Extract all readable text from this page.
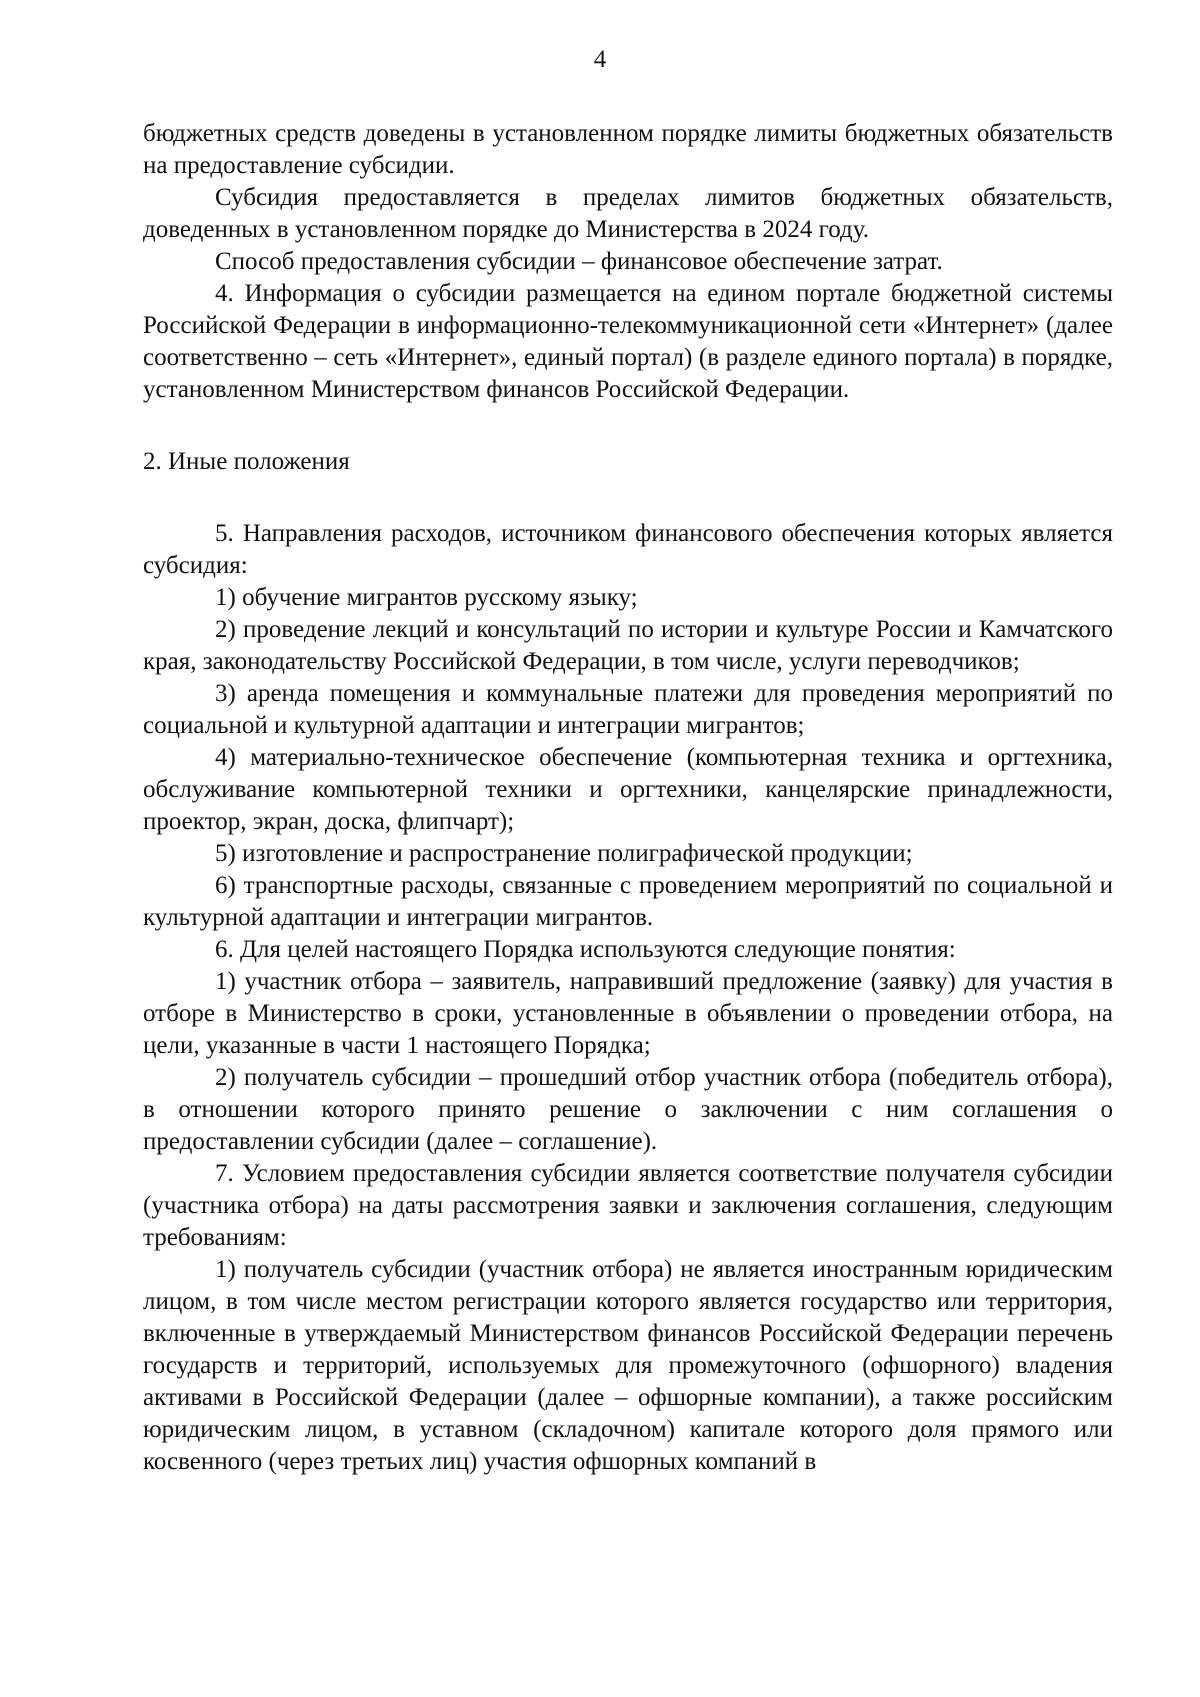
4
бюджетных средств доведены в установленном порядке лимиты бюджетных обязательств на предоставление субсидии.
Субсидия предоставляется в пределах лимитов бюджетных обязательств, доведенных в установленном порядке до Министерства в 2024 году.
Способ предоставления субсидии – финансовое обеспечение затрат.
4. Информация о субсидии размещается на едином портале бюджетной системы Российской Федерации в информационно-телекоммуникационной сети «Интернет» (далее соответственно – сеть «Интернет», единый портал) (в разделе единого портала) в порядке, установленном Министерством финансов Российской Федерации.
2. Иные положения
5. Направления расходов, источником финансового обеспечения которых является субсидия:
1) обучение мигрантов русскому языку;
2) проведение лекций и консультаций по истории и культуре России и Камчатского края, законодательству Российской Федерации, в том числе, услуги переводчиков;
3) аренда помещения и коммунальные платежи для проведения мероприятий по социальной и культурной адаптации и интеграции мигрантов;
4) материально-техническое обеспечение (компьютерная техника и оргтехника, обслуживание компьютерной техники и оргтехники, канцелярские принадлежности, проектор, экран, доска, флипчарт);
5) изготовление и распространение полиграфической продукции;
6) транспортные расходы, связанные с проведением мероприятий по социальной и культурной адаптации и интеграции мигрантов.
6. Для целей настоящего Порядка используются следующие понятия:
1) участник отбора – заявитель, направивший предложение (заявку) для участия в отборе в Министерство в сроки, установленные в объявлении о проведении отбора, на цели, указанные в части 1 настоящего Порядка;
2) получатель субсидии – прошедший отбор участник отбора (победитель отбора), в отношении которого принято решение о заключении с ним соглашения о предоставлении субсидии (далее – соглашение).
7. Условием предоставления субсидии является соответствие получателя субсидии (участника отбора) на даты рассмотрения заявки и заключения соглашения, следующим требованиям:
1) получатель субсидии (участник отбора) не является иностранным юридическим лицом, в том числе местом регистрации которого является государство или территория, включенные в утверждаемый Министерством финансов Российской Федерации перечень государств и территорий, используемых для промежуточного (офшорного) владения активами в Российской Федерации (далее – офшорные компании), а также российским юридическим лицом, в уставном (складочном) капитале которого доля прямого или косвенного (через третьих лиц) участия офшорных компаний в
